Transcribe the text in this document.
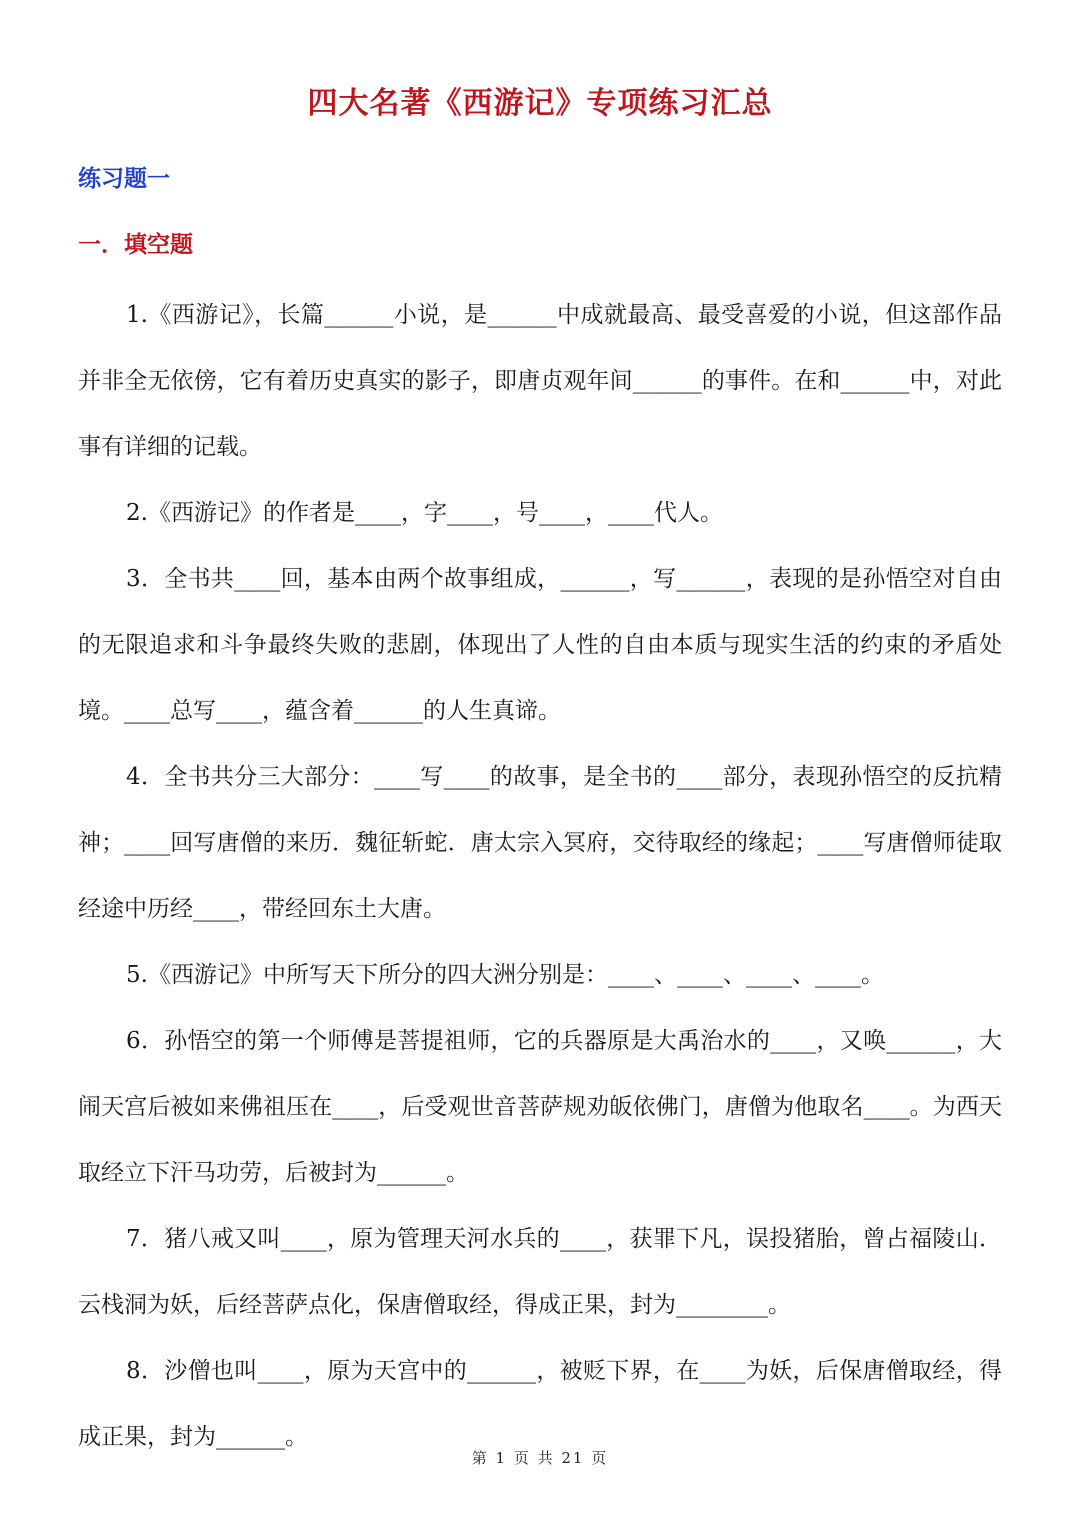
四大名著《西游记》专项练习汇总
练习题一
一．填空题

1.《西游记》，长篇______小说，是______中成就最高、最受喜爱的小说，但这部作品并非全无依傍，它有着历史真实的影子，即唐贞观年间______的事件。在和______中，对此事有详细的记载。

2.《西游记》的作者是____，字____，号____，____代人。

3．全书共____回，基本由两个故事组成，______，写______，表现的是孙悟空对自由的无限追求和斗争最终失败的悲剧，体现出了人性的自由本质与现实生活的约束的矛盾处境。____总写____，蕴含着______的人生真谛。

4．全书共分三大部分：____写____的故事，是全书的____部分，表现孙悟空的反抗精神；____回写唐僧的来历．魏征斩蛇．唐太宗入冥府，交待取经的缘起；____写唐僧师徒取经途中历经____，带经回东土大唐。

5.《西游记》中所写天下所分的四大洲分别是：____、____、____、____。

6．孙悟空的第一个师傅是菩提祖师，它的兵器原是大禹治水的____，又唤______，大闹天宫后被如来佛祖压在____，后受观世音菩萨规劝皈依佛门，唐僧为他取名____。为西天取经立下汗马功劳，后被封为______。

7．猪八戒又叫____，原为管理天河水兵的____，获罪下凡，误投猪胎，曾占福陵山．云栈洞为妖，后经菩萨点化，保唐僧取经，得成正果，封为________。

8．沙僧也叫____，原为天宫中的______，被贬下界，在____为妖，后保唐僧取经，得成正果，封为______。

第 1 页 共 21 页
